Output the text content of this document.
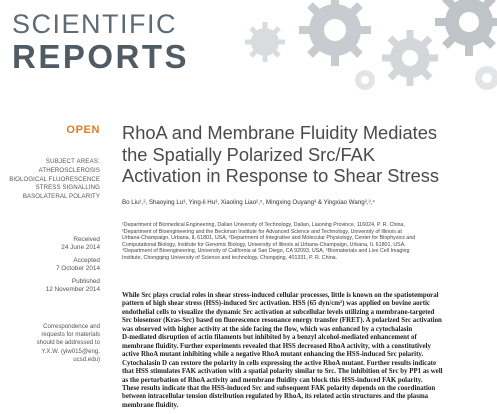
SCIENTIFIC
REPORTS
OPEN
SUBJECT AREAS:
ATHEROSCLEROSIS
BIOLOGICAL FLUORESCENCE
STRESS SIGNALLING
BASOLATERAL POLARITY
Received
24 June 2014
Accepted
7 October 2014
Published
12 November 2014
Correspondence and
requests for materials
should be addressed to
Y.X.W. (yiw015@eng.
ucsd.edu)
RhoA and Membrane Fluidity Mediates
the Spatially Polarized Src/FAK
Activation in Response to Shear Stress
Bo Liu¹,², Shaoying Lu³, Ying-li Hu³, Xiaoling Liao²,⁵, Mingxing Ouyang³ & Yingxiao Wang²,³,⁴
¹Department of Biomedical Engineering, Dalian University of Technology, Dalian, Liaoning Province, 116024, P. R. China,
²Department of Bioengineering and the Beckman Institute for Advanced Science and Technology, University of Illinois at
Urbana-Champaign, Urbana, IL 61801, USA, ³Department of Integrative and Molecular Physiology, Center for Biophysics and
Computational Biology, Institute for Genomic Biology, University of Illinois at Urbana-Champaign, Urbana, IL 61801, USA,
⁴Department of Bioengineering, University of California at San Diego, CA 92093, USA, ⁵Biomaterials and Live Cell Imaging
Institute, Chongqing University of Science and technology, Chongqing, 401331, P. R. China.
While Src plays crucial roles in shear stress-induced cellular processes, little is known on the spatiotemporal
pattern of high shear stress (HSS)-induced Src activation. HSS (65 dyn/cm²) was applied on bovine aortic
endothelial cells to visualize the dynamic Src activation at subcellular levels utilizing a membrane-targeted
Src biosensor (Kras-Src) based on fluorescence resonance energy transfer (FRET). A polarized Src activation
was observed with higher activity at the side facing the flow, which was enhanced by a cytochalasin
D-mediated disruption of actin filaments but inhibited by a benzyl alcohol-mediated enhancement of
membrane fluidity. Further experiments revealed that HSS decreased RhoA activity, with a constitutively
active RhoA mutant inhibiting while a negative RhoA mutant enhancing the HSS-induced Src polarity.
Cytochalasin D can restore the polarity in cells expressing the active RhoA mutant. Further results indicate
that HSS stimulates FAK activation with a spatial polarity similar to Src. The inhibition of Src by PP1 as well
as the perturbation of RhoA activity and membrane fluidity can block this HSS-induced FAK polarity.
These results indicate that the HSS-induced Src and subsequent FAK polarity depends on the coordination
between intracellular tension distribution regulated by RhoA, its related actin structures and the plasma
membrane fluidity.
